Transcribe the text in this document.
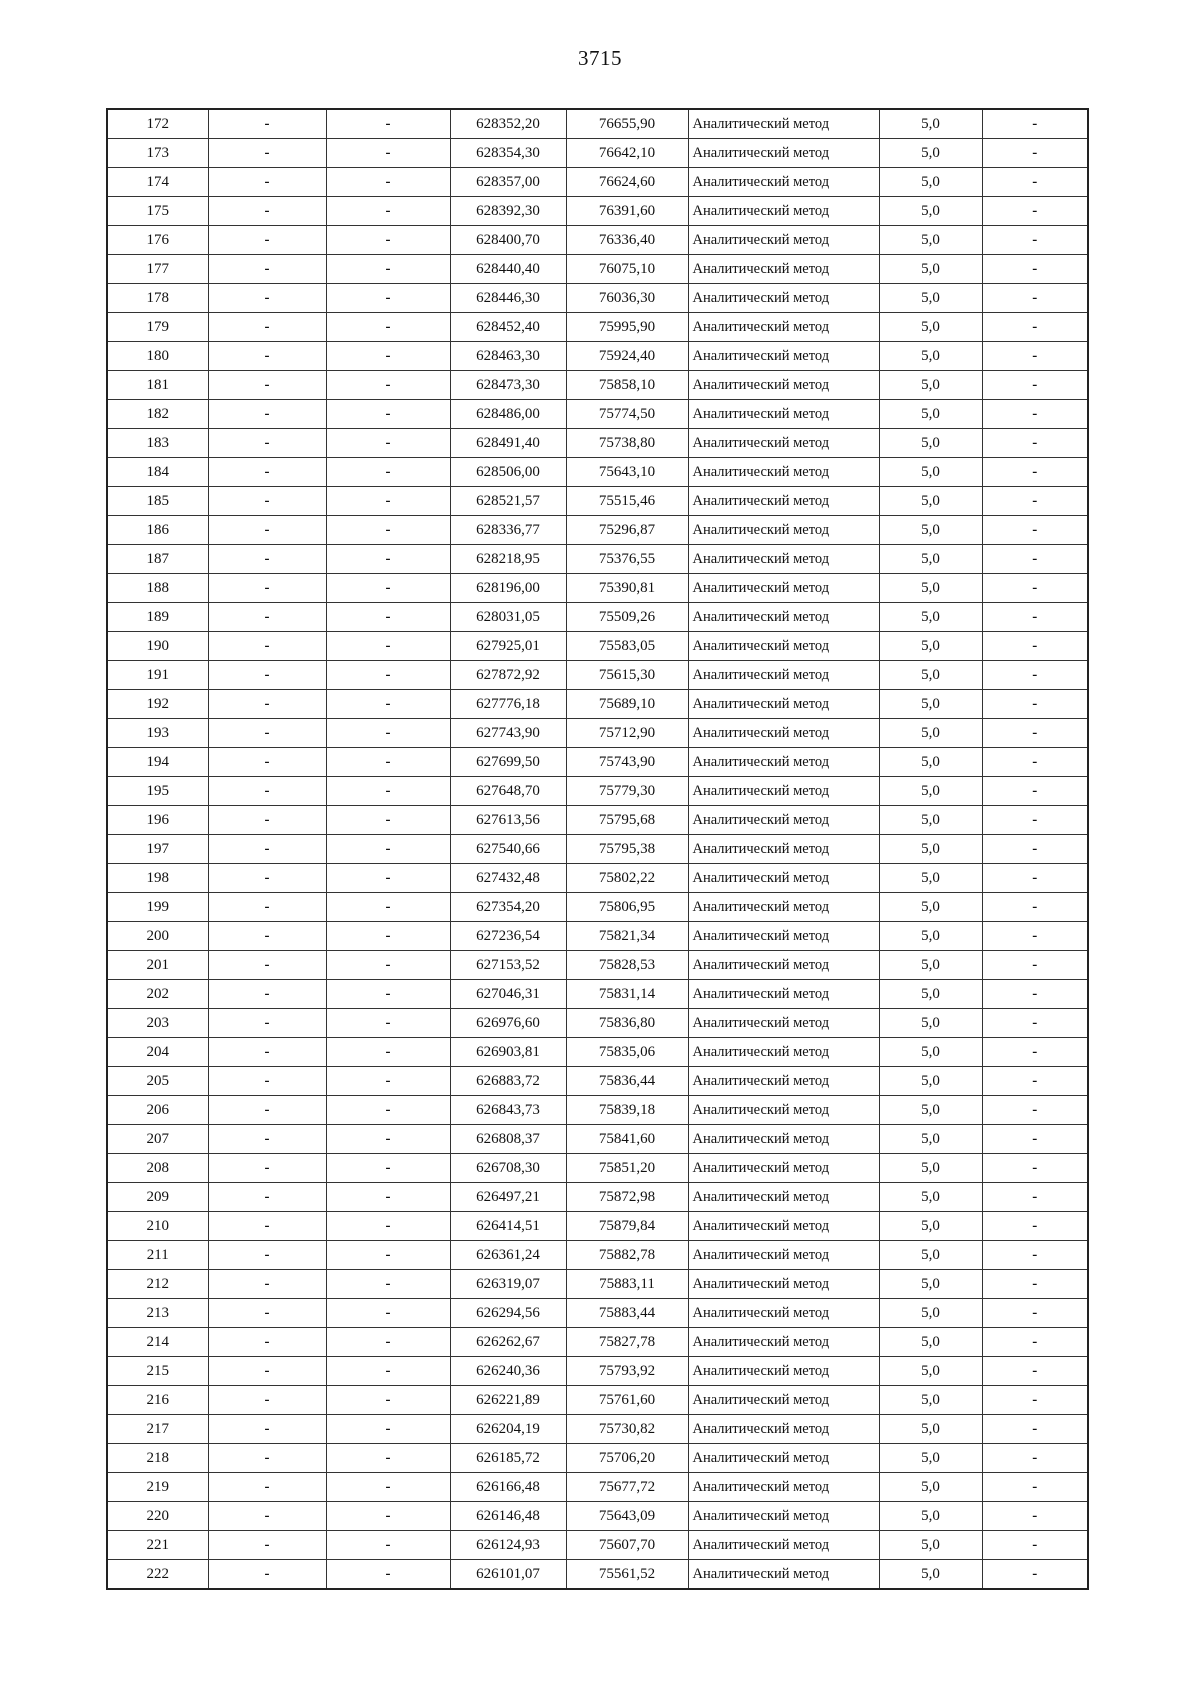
3715
172	-	-	628352,20	76655,90	Аналитический метод	5,0	-
173	-	-	628354,30	76642,10	Аналитический метод	5,0	-
174	-	-	628357,00	76624,60	Аналитический метод	5,0	-
175	-	-	628392,30	76391,60	Аналитический метод	5,0	-
176	-	-	628400,70	76336,40	Аналитический метод	5,0	-
177	-	-	628440,40	76075,10	Аналитический метод	5,0	-
178	-	-	628446,30	76036,30	Аналитический метод	5,0	-
179	-	-	628452,40	75995,90	Аналитический метод	5,0	-
180	-	-	628463,30	75924,40	Аналитический метод	5,0	-
181	-	-	628473,30	75858,10	Аналитический метод	5,0	-
182	-	-	628486,00	75774,50	Аналитический метод	5,0	-
183	-	-	628491,40	75738,80	Аналитический метод	5,0	-
184	-	-	628506,00	75643,10	Аналитический метод	5,0	-
185	-	-	628521,57	75515,46	Аналитический метод	5,0	-
186	-	-	628336,77	75296,87	Аналитический метод	5,0	-
187	-	-	628218,95	75376,55	Аналитический метод	5,0	-
188	-	-	628196,00	75390,81	Аналитический метод	5,0	-
189	-	-	628031,05	75509,26	Аналитический метод	5,0	-
190	-	-	627925,01	75583,05	Аналитический метод	5,0	-
191	-	-	627872,92	75615,30	Аналитический метод	5,0	-
192	-	-	627776,18	75689,10	Аналитический метод	5,0	-
193	-	-	627743,90	75712,90	Аналитический метод	5,0	-
194	-	-	627699,50	75743,90	Аналитический метод	5,0	-
195	-	-	627648,70	75779,30	Аналитический метод	5,0	-
196	-	-	627613,56	75795,68	Аналитический метод	5,0	-
197	-	-	627540,66	75795,38	Аналитический метод	5,0	-
198	-	-	627432,48	75802,22	Аналитический метод	5,0	-
199	-	-	627354,20	75806,95	Аналитический метод	5,0	-
200	-	-	627236,54	75821,34	Аналитический метод	5,0	-
201	-	-	627153,52	75828,53	Аналитический метод	5,0	-
202	-	-	627046,31	75831,14	Аналитический метод	5,0	-
203	-	-	626976,60	75836,80	Аналитический метод	5,0	-
204	-	-	626903,81	75835,06	Аналитический метод	5,0	-
205	-	-	626883,72	75836,44	Аналитический метод	5,0	-
206	-	-	626843,73	75839,18	Аналитический метод	5,0	-
207	-	-	626808,37	75841,60	Аналитический метод	5,0	-
208	-	-	626708,30	75851,20	Аналитический метод	5,0	-
209	-	-	626497,21	75872,98	Аналитический метод	5,0	-
210	-	-	626414,51	75879,84	Аналитический метод	5,0	-
211	-	-	626361,24	75882,78	Аналитический метод	5,0	-
212	-	-	626319,07	75883,11	Аналитический метод	5,0	-
213	-	-	626294,56	75883,44	Аналитический метод	5,0	-
214	-	-	626262,67	75827,78	Аналитический метод	5,0	-
215	-	-	626240,36	75793,92	Аналитический метод	5,0	-
216	-	-	626221,89	75761,60	Аналитический метод	5,0	-
217	-	-	626204,19	75730,82	Аналитический метод	5,0	-
218	-	-	626185,72	75706,20	Аналитический метод	5,0	-
219	-	-	626166,48	75677,72	Аналитический метод	5,0	-
220	-	-	626146,48	75643,09	Аналитический метод	5,0	-
221	-	-	626124,93	75607,70	Аналитический метод	5,0	-
222	-	-	626101,07	75561,52	Аналитический метод	5,0	-
